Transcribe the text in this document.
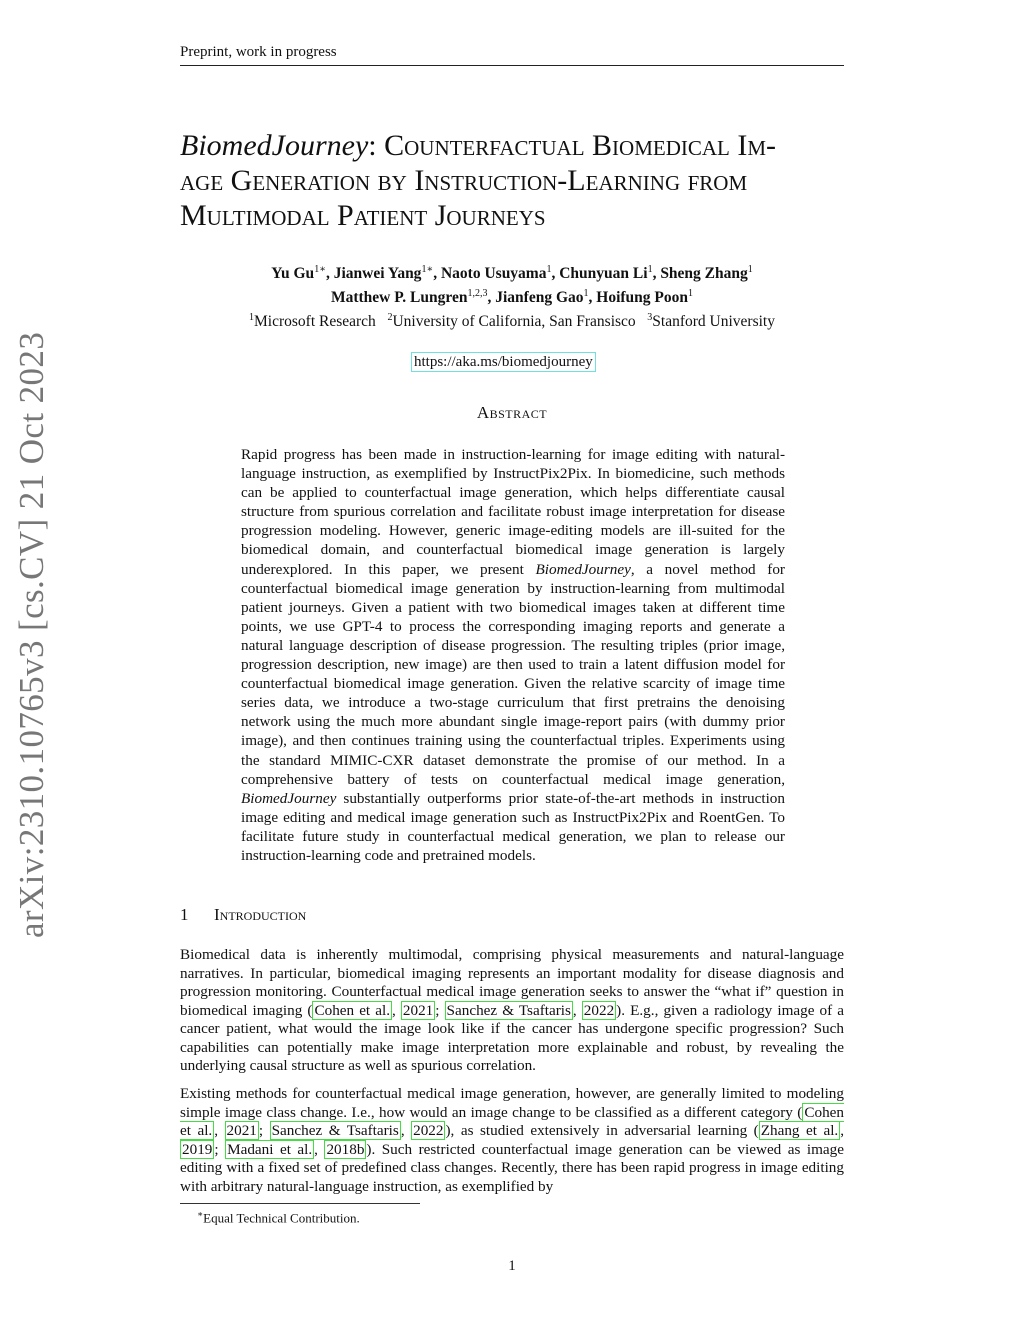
Preprint, work in progress
arXiv:2310.10765v3 [cs.CV] 21 Oct 2023
BiomedJourney: Counterfactual Biomedical Im-
age Generation by Instruction-Learning from
Multimodal Patient Journeys
Yu $Gu^{1∗}$, Jianwei Yang$^{1∗}$, Naoto Usuyama$^1$, Chunyuan Li$^1$, Sheng Zhang$^1$
Matthew P. Lungren$^{1,2,3}$, Jianfeng Gao$^1$, Hoifung Poon$^1$
$^1$Microsoft Research $^2$University of California, San Fransisco $^3$Stanford University
https://aka.ms/biomedjourney
Abstract

Rapid progress has been made in instruction-learning for image editing with natural-language instruction, as exemplified by InstructPix2Pix. In biomedicine, such methods can be applied to counterfactual image generation, which helps differentiate causal structure from spurious correlation and facilitate robust image interpretation for disease progression modeling. However, generic image-editing models are ill-suited for the biomedical domain, and counterfactual biomedical image generation is largely underexplored. In this paper, we present BiomedJourney, a novel method for counterfactual biomedical image generation by instruction-learning from multimodal patient journeys. Given a patient with two biomedical images taken at different time points, we use GPT-4 to process the corresponding imaging reports and generate a natural language description of disease progression. The resulting triples (prior image, progression description, new image) are then used to train a latent diffusion model for counterfactual biomedical image generation. Given the relative scarcity of image time series data, we introduce a two-stage curriculum that first pretrains the denoising network using the much more abundant single image-report pairs (with dummy prior image), and then continues training using the counterfactual triples. Experiments using the standard MIMIC-CXR dataset demonstrate the promise of our method. In a comprehensive battery of tests on counterfactual medical image generation, BiomedJourney substantially outperforms prior state-of-the-art methods in instruction image editing and medical image generation such as InstructPix2Pix and RoentGen. To facilitate future study in counterfactual medical generation, we plan to release our instruction-learning code and pretrained models.

1 Introduction

Biomedical data is inherently multimodal, comprising physical measurements and natural-language narratives. In particular, biomedical imaging represents an important modality for disease diagnosis and progression monitoring. Counterfactual medical image generation seeks to answer the “what if” question in biomedical imaging ( Cohen et al. , 2021 ; Sanchez & Tsaftaris , 2022 ). E.g., given a radiology image of a cancer patient, what would the image look like if the cancer has undergone specific progression? Such capabilities can potentially make image interpretation more explainable and robust, by revealing the underlying causal structure as well as spurious correlation.

Existing methods for counterfactual medical image generation, however, are generally limited to modeling simple image class change. I.e., how would an image change to be classified as a different category ( Cohen et al. , 2021 ; Sanchez & Tsaftaris , 2022 ), as studied extensively in adversarial learning ( Zhang et al. , 2019 ; Madani et al. , 2018b ). Such restricted counterfactual image generation can be viewed as image editing with a fixed set of predefined class changes. Recently, there has been rapid progress in image editing with arbitrary natural-language instruction, as exemplified by

∗Equal Technical Contribution.
1
